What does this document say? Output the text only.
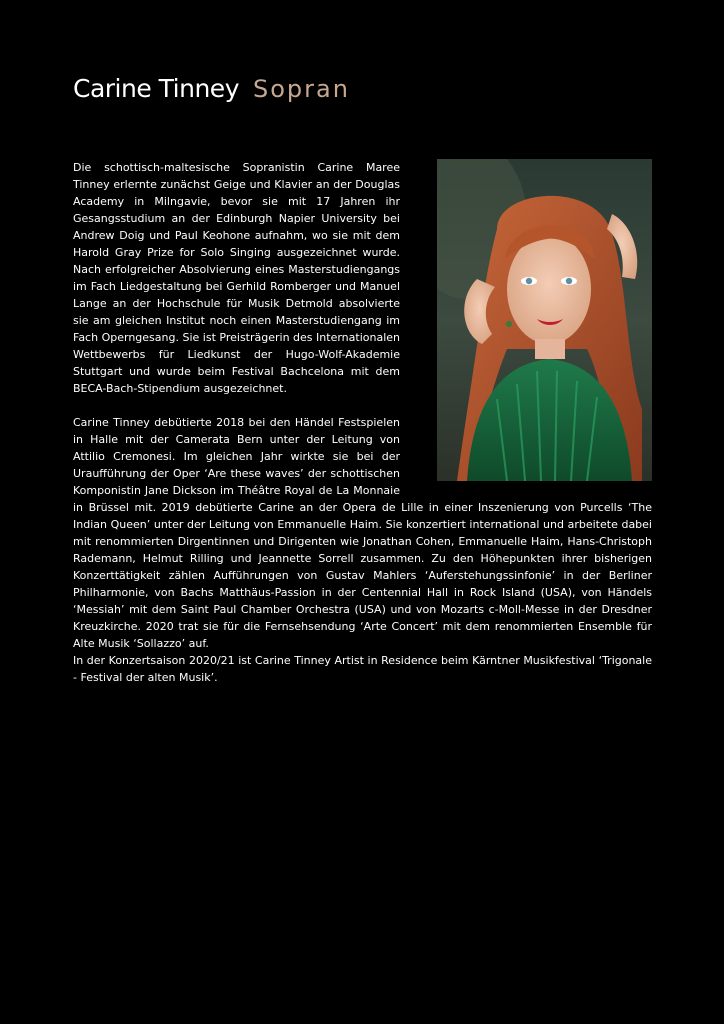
Carine Tinney Sopran

Die schottisch-maltesische Sopranistin Carine Maree Tinney erlernte zunächst Geige und Klavier an der Douglas Academy in Milngavie, bevor sie mit 17 Jahren ihr Gesangsstudium an der Edinburgh Napier University bei Andrew Doig und Paul Keohone aufnahm, wo sie mit dem Harold Gray Prize for Solo Singing ausgezeichnet wurde. Nach erfolgreicher Absolvierung eines Masterstudiengangs im Fach Liedgestaltung bei Gerhild Romberger und Manuel Lange an der Hochschule für Musik Detmold absolvierte sie am gleichen Institut noch einen Masterstudiengang im Fach Operngesang. Sie ist Preisträgerin des Internationalen Wettbewerbs für Liedkunst der Hugo-Wolf-Akademie Stuttgart und wurde beim Festival Bachcelona mit dem BECA-Bach-Stipendium ausgezeichnet.

Carine Tinney debütierte 2018 bei den Händel Festspielen in Halle mit der Camerata Bern unter der Leitung von Attilio Cremonesi. Im gleichen Jahr wirkte sie bei der Uraufführung der Oper ‘Are these waves’ der schottischen Komponistin Jane Dickson im Théâtre Royal de La Monnaie in Brüssel mit. 2019 debütierte Carine an der Opera de Lille in einer Inszenierung von Purcells ‘The Indian Queen’ unter der Leitung von Emmanuelle Haim. Sie konzertiert international und arbeitete dabei mit renommierten Dirgentinnen und Dirigenten wie Jonathan Cohen, Emmanuelle Haim, Hans-Christoph Rademann, Helmut Rilling und Jeannette Sorrell zusammen. Zu den Höhepunkten ihrer bisherigen Konzerttätigkeit zählen Aufführungen von Gustav Mahlers ‘Auferstehungssinfonie’ in der Berliner Philharmonie, von Bachs Matthäus-Passion in der Centennial Hall in Rock Island (USA), von Händels ‘Messiah’ mit dem Saint Paul Chamber Orchestra (USA) und von Mozarts c-Moll-Messe in der Dresdner Kreuzkirche. 2020 trat sie für die Fernsehsendung ‘Arte Concert’ mit dem renommierten Ensemble für Alte Musik ‘Sollazzo’ auf.

In der Konzertsaison 2020/21 ist Carine Tinney Artist in Residence beim Kärntner Musikfestival ‘Trigonale - Festival der alten Musik’.
